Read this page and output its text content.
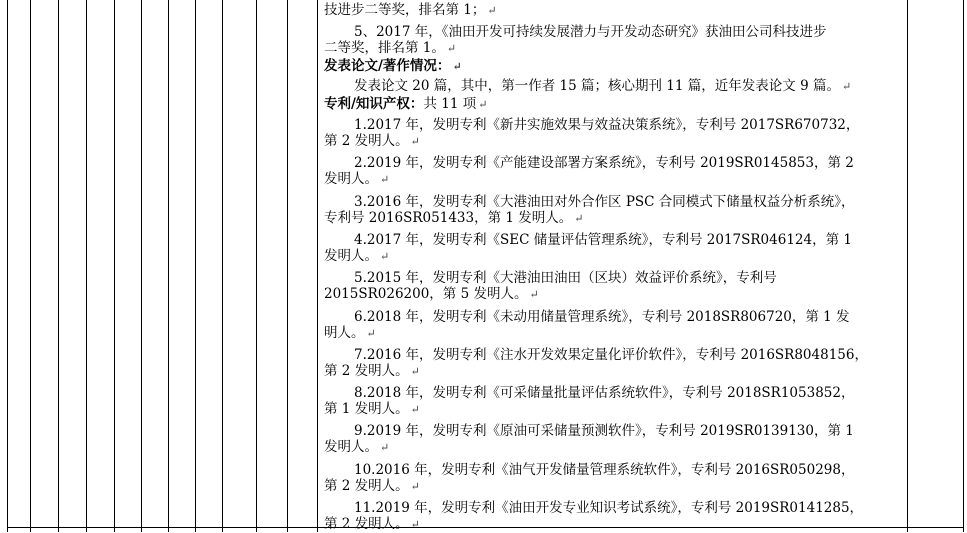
技进步二等奖，排名第 1； ↵
5、2017 年，《油田开发可持续发展潜力与开发动态研究》获油田公司科技进步
二等奖，排名第 1。 ↵
发表论文/著作情况： ↵
发表论文 20 篇，其中，第一作者 15 篇；核心期刊 11 篇，近年发表论文 9 篇。 ↵
专利/知识产权：共 11 项 ↵
1.2017 年，发明专利《新井实施效果与效益决策系统》，专利号 2017SR670732，
第 2 发明人。 ↵
2.2019 年，发明专利《产能建设部署方案系统》，专利号 2019SR0145853，第 2
发明人。 ↵
3.2016 年，发明专利《大港油田对外合作区 PSC 合同模式下储量权益分析系统》，
专利号 2016SR051433，第 1 发明人。 ↵
4.2017 年，发明专利《SEC 储量评估管理系统》，专利号 2017SR046124，第 1
发明人。 ↵
5.2015 年，发明专利《大港油田油田（区块）效益评价系统》，专利号
2015SR026200，第 5 发明人。 ↵
6.2018 年，发明专利《未动用储量管理系统》，专利号 2018SR806720，第 1 发
明人。 ↵
7.2016 年，发明专利《注水开发效果定量化评价软件》，专利号 2016SR8048156，
第 2 发明人。 ↵
8.2018 年，发明专利《可采储量批量评估系统软件》，专利号 2018SR1053852，
第 1 发明人。 ↵
9.2019 年，发明专利《原油可采储量预测软件》，专利号 2019SR0139130，第 1
发明人。 ↵
10.2016 年，发明专利《油气开发储量管理系统软件》，专利号 2016SR050298，
第 2 发明人。 ↵
11.2019 年，发明专利《油田开发专业知识考试系统》，专利号 2019SR0141285，
第 2 发明人。 ↵
